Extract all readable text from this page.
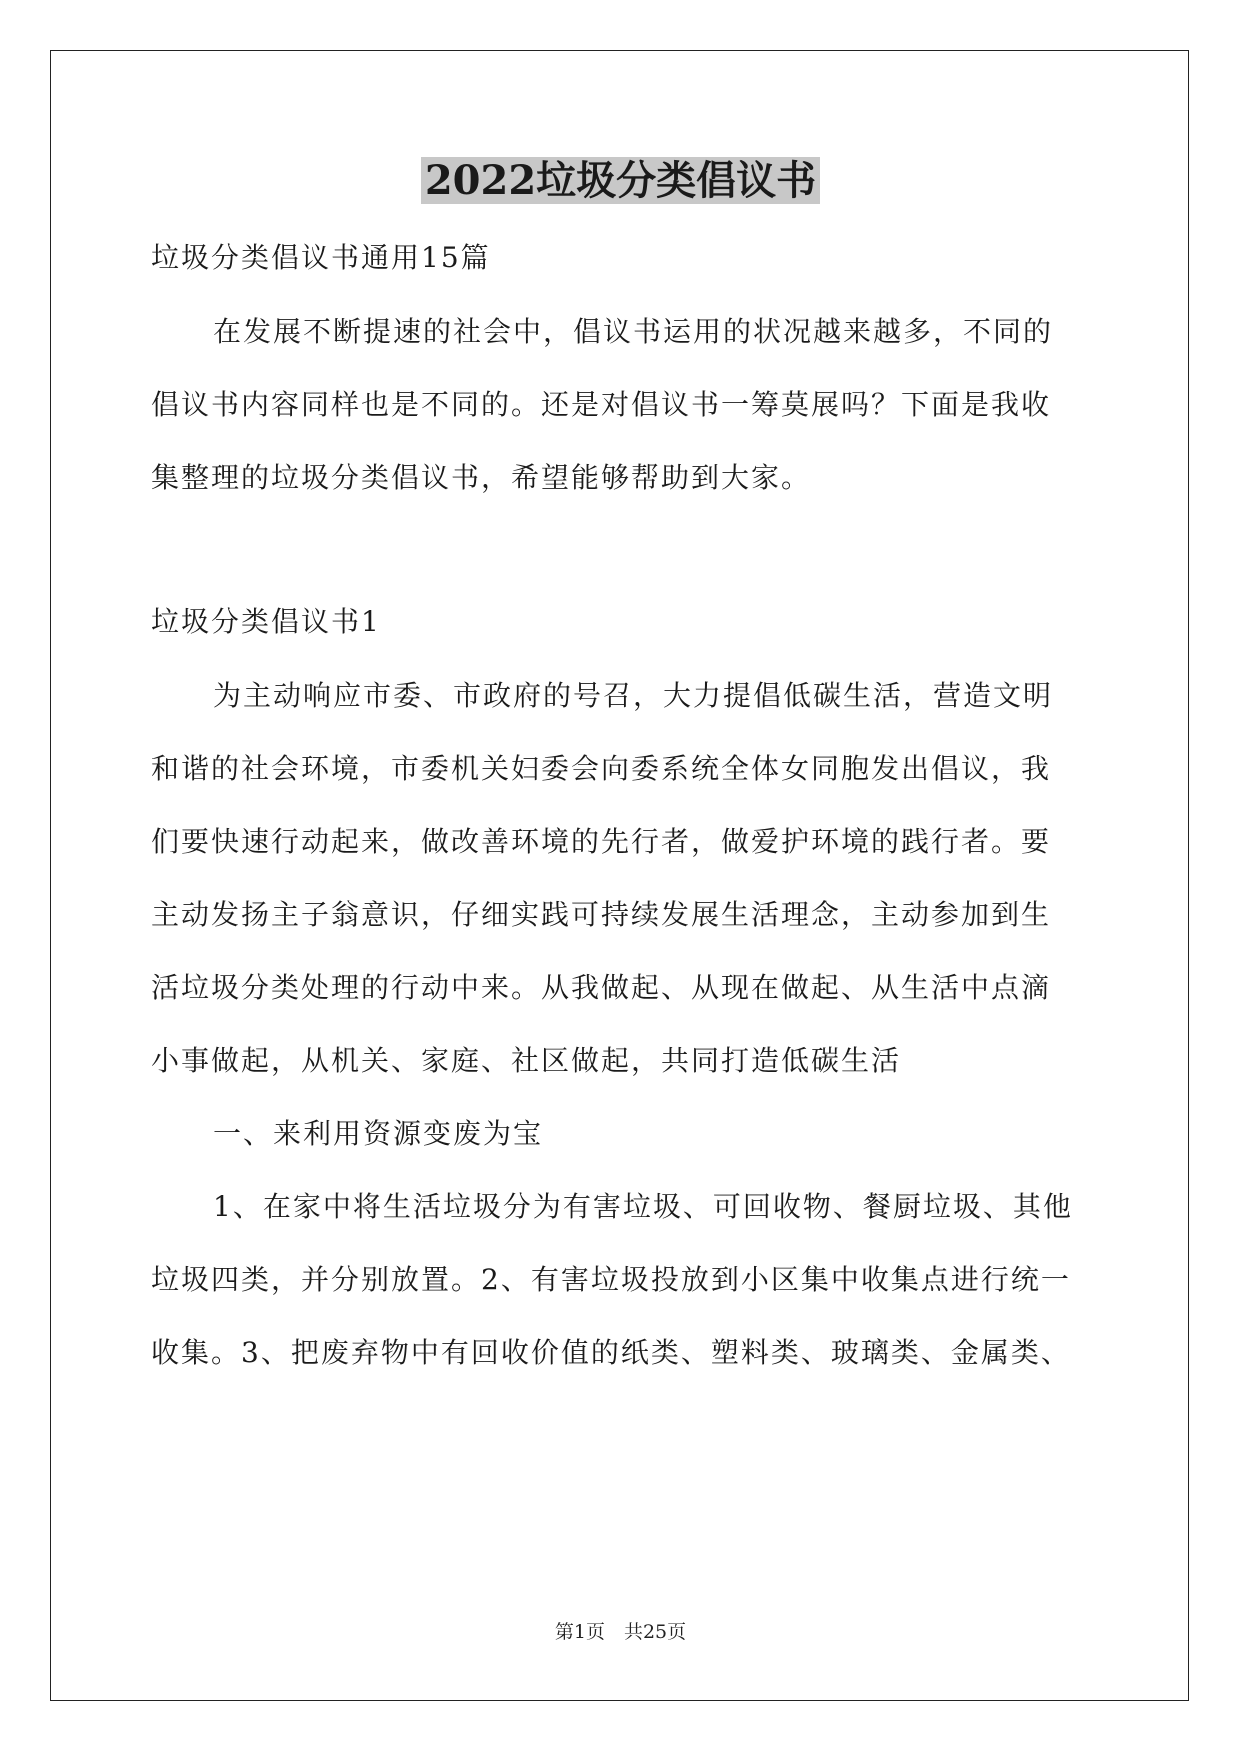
2022垃圾分类倡议书
垃圾分类倡议书通用15篇
在发展不断提速的社会中，倡议书运用的状况越来越多，不同的
倡议书内容同样也是不同的。还是对倡议书一筹莫展吗？下面是我收
集整理的垃圾分类倡议书，希望能够帮助到大家。
垃圾分类倡议书1
为主动响应市委、市政府的号召，大力提倡低碳生活，营造文明
和谐的社会环境，市委机关妇委会向委系统全体女同胞发出倡议，我
们要快速行动起来，做改善环境的先行者，做爱护环境的践行者。要
主动发扬主子翁意识，仔细实践可持续发展生活理念，主动参加到生
活垃圾分类处理的行动中来。从我做起、从现在做起、从生活中点滴
小事做起，从机关、家庭、社区做起，共同打造低碳生活
一、来利用资源变废为宝
1、在家中将生活垃圾分为有害垃圾、可回收物、餐厨垃圾、其他
垃圾四类，并分别放置。2、有害垃圾投放到小区集中收集点进行统一
收集。3、把废弃物中有回收价值的纸类、塑料类、玻璃类、金属类、
第1页　共25页
